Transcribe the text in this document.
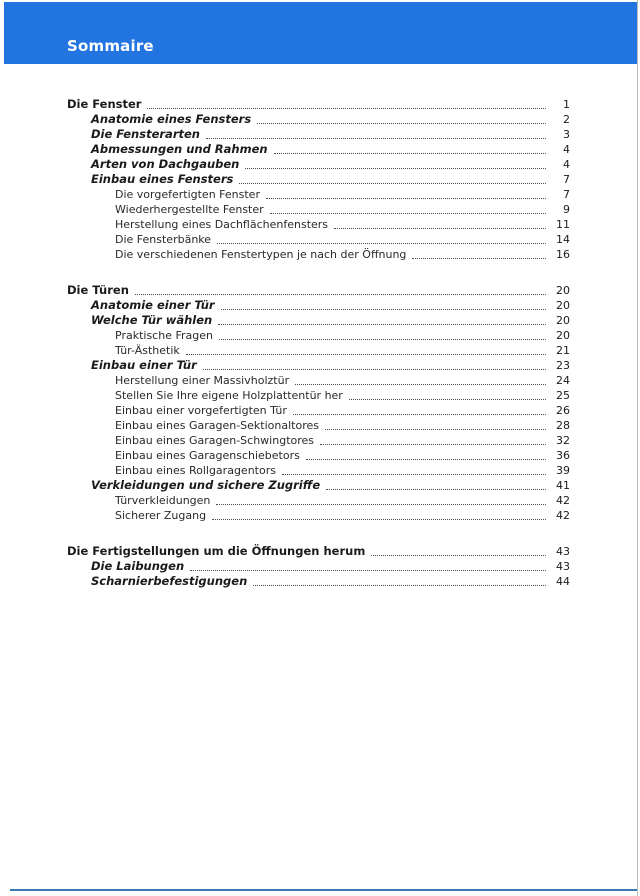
Sommaire
Die Fenster	1
Anatomie eines Fensters	2
Die Fensterarten	3
Abmessungen und Rahmen	4
Arten von Dachgauben	4
Einbau eines Fensters	7
Die vorgefertigten Fenster	7
Wiederhergestellte Fenster	9
Herstellung eines Dachflächenfensters	11
Die Fensterbänke	14
Die verschiedenen Fenstertypen je nach der Öffnung	16
Die Türen	20
Anatomie einer Tür	20
Welche Tür wählen	20
Praktische Fragen	20
Tür-Ästhetik	21
Einbau einer Tür	23
Herstellung einer Massivholztür	24
Stellen Sie Ihre eigene Holzplattentür her	25
Einbau einer vorgefertigten Tür	26
Einbau eines Garagen-Sektionaltores	28
Einbau eines Garagen-Schwingtores	32
Einbau eines Garagenschiebetors	36
Einbau eines Rollgaragentors	39
Verkleidungen und sichere Zugriffe	41
Türverkleidungen	42
Sicherer Zugang	42
Die Fertigstellungen um die Öffnungen herum	43
Die Laibungen	43
Scharnierbefestigungen	44
